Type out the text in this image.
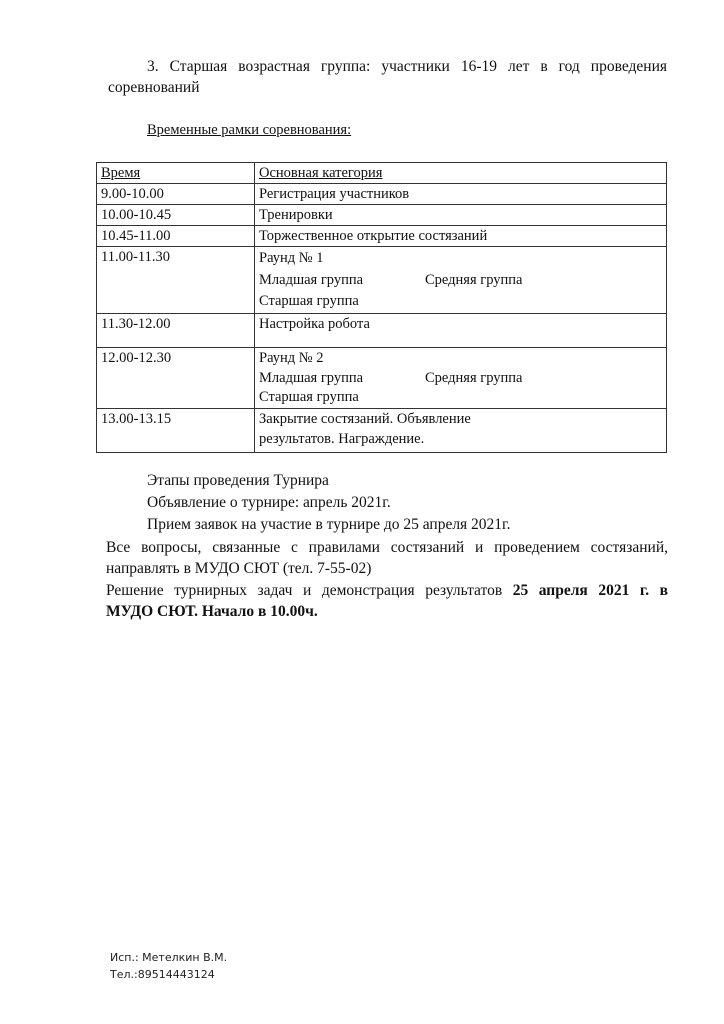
3. Старшая возрастная группа: участники 16-19 лет в год проведения
соревнований
Временные рамки соревнования:
Время	Основная категория
9.00-10.00	Регистрация участников
10.00-10.45	Тренировки
10.45-11.00	Торжественное открытие состязаний
11.00-11.30	Раунд № 1
Младшая группа Средняя группа
Старшая группа

11.30-12.00	Настройка робота
12.00-12.30	Раунд № 2
Младшая группа Средняя группа
Старшая группа

13.00-13.15	Закрытие состязаний. Объявление
результатов. Награждение.
Этапы проведения Турнира
Объявление о турнире: апрель 2021г.
Прием заявок на участие в турнире до 25 апреля 2021г.
Все вопросы, связанные с правилами состязаний и проведением состязаний,
направлять в МУДО СЮТ (тел. 7-55-02)
Решение турнирных задач и демонстрация результатов 25 апреля 2021 г. в
МУДО СЮТ. Начало в 10.00ч.
Исп.: Метелкин В.М.
Тел.:89514443124
